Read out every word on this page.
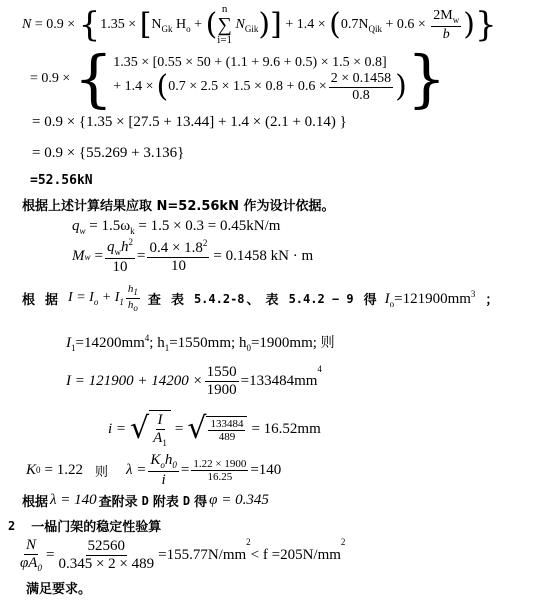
$N = 0.9 \times \{1.35 \times [N_{Gk}$ $H_o$ + ( n
∑
i=1
$N_{Gik})] + 1.4 \times (0.7N_{Qik} + 0.6 \times \frac{2M_w}{b}$ )}
= 0.9 × { 1.35 × [0.55 × 50 + (1.1 + 9.6 + 0.5) × 1.5 × 0.8]
+ 1.4 × ( $0.7 \times 2.5 \times 1.5 \times 0.8 + 0.6 \times \frac{2 \times 0.1458}{0.8}$ ) }
= 0.9 × {1.35 × [27.5 + 13.44] + 1.4 × (2.1 + 0.14) }
= 0.9 × {55.269 + 3.136}
=52.56kN
根据上述计算结果应取 N=52.56kN 作为设计依据。
$q_w = 1.5\omega_k = 1.5 \times 0.3 = 0.45kN/m$
M $w = \frac{q_wh^2}{10} = \frac{0.4 \times 1.8^2}{10} = 0.1458$ kN · m
根 据 $I = I_o + I_1 \frac{h_1}{h_o}$ 查 表 5.4.2-8 、 表 5.4.2 − 9 得 $I_o=121900mm^3$ ；
$I_1=14200mm^4$; $h_1=1550mm$; $h_0=1900mm$; 则
$I = 121900 + 14200 \times \frac{1550}{1900} =133484mm$
$^4$
i = √ $\frac{I}{A_1}$ = √ $\frac{133484}{489} = 16.52mm$
K 0 = 1.22 则 $\lambda = \frac{K_oh_0}{i} = \frac{1.22 \times 1900}{16.25} =140$
根据 λ = 140 查附录 D 附表 D 得 φ = 0.345
2 一榀门架的稳定性验算
$\frac{N}{\varphi A_0} = \frac{52560}{0.345 \times 2 \times 489} =155.77N/mm$
$^2$
< f =205N/mm
$^2$
满足要求。
